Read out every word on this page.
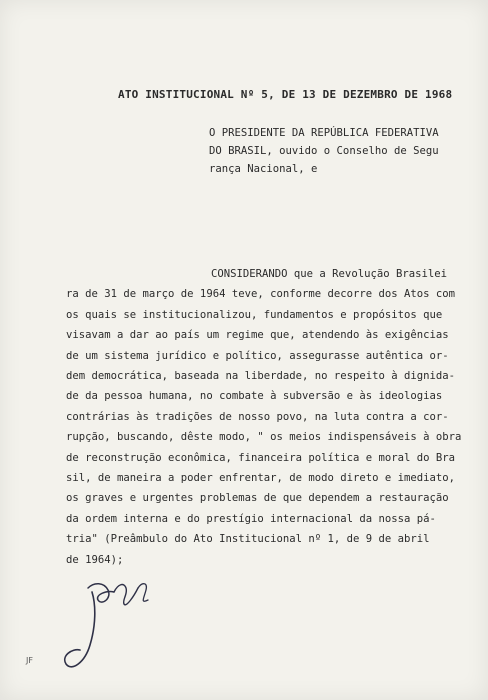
ATO INSTITUCIONAL Nº 5, DE 13 DE DEZEMBRO DE 1968
O PRESIDENTE DA REPÚBLICA FEDERATIVA
DO BRASIL, ouvido o Conselho de Segu
rança Nacional, e
CONSIDERANDO que a Revolução Brasilei
ra de 31 de março de 1964 teve, conforme decorre dos Atos com
os quais se institucionalizou, fundamentos e propósitos que
visavam a dar ao país um regime que, atendendo às exigências
de um sistema jurídico e político, assegurasse autêntica or-
dem democrática, baseada na liberdade, no respeito à dignida-
de da pessoa humana, no combate à subversão e às ideologias
contrárias às tradições de nosso povo, na luta contra a cor-
rupção, buscando, dêste modo, " os meios indispensáveis à obra
de reconstrução econômica, financeira política e moral do Bra
sil, de maneira a poder enfrentar, de modo direto e imediato,
os graves e urgentes problemas de que dependem a restauração
da ordem interna e do prestígio internacional da nossa pá-
tria" (Preâmbulo do Ato Institucional nº 1, de 9 de abril
de 1964);
JF
